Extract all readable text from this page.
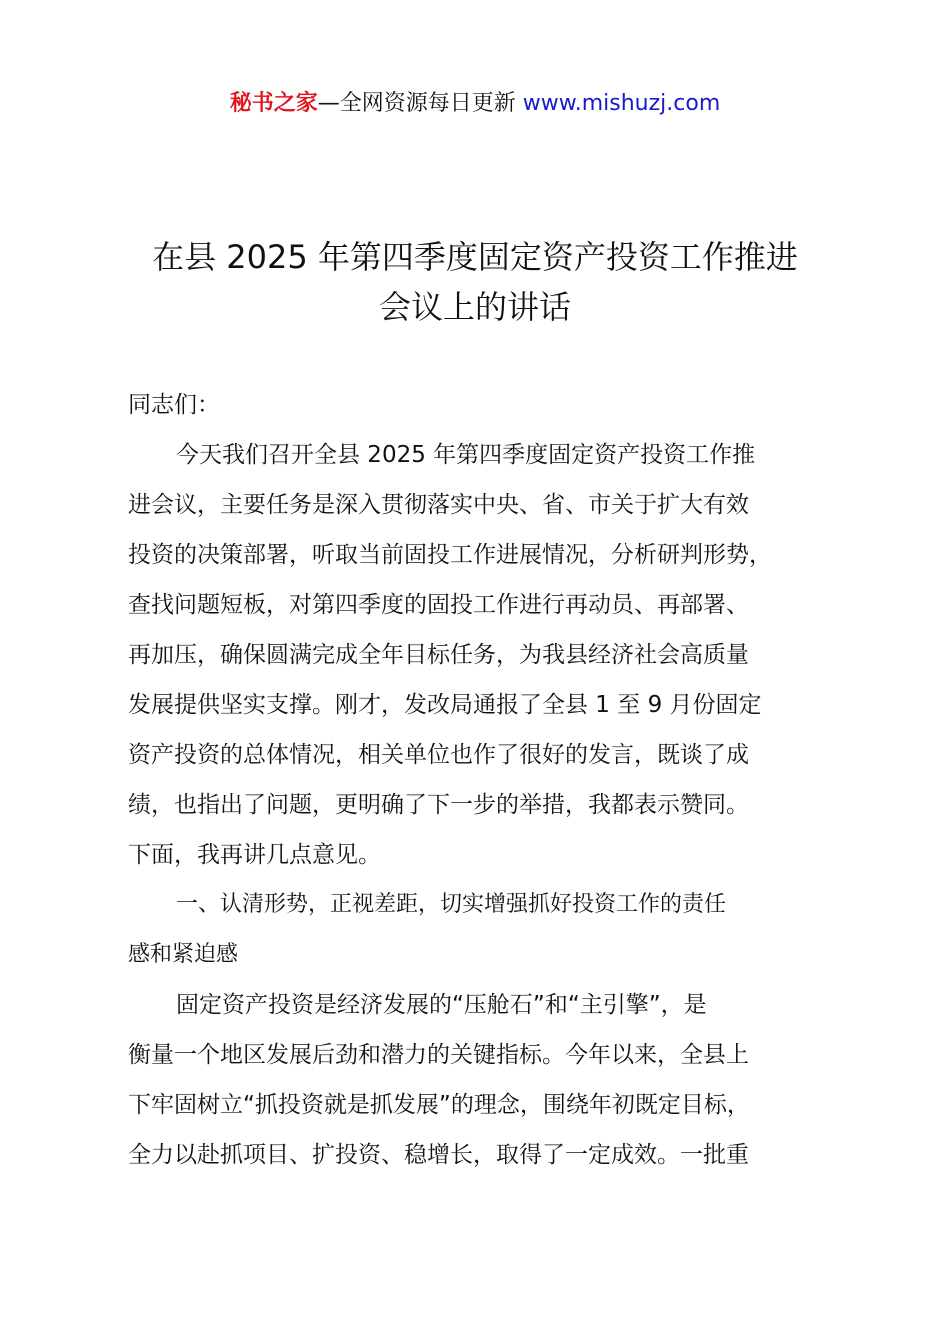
秘书之家—全网资源每日更新 www.mishuzj.com
在县 2025 年第四季度固定资产投资工作推进
会议上的讲话
同志们：
今天我们召开全县 2025 年第四季度固定资产投资工作推
进会议，主要任务是深入贯彻落实中央、省、市关于扩大有效
投资的决策部署，听取当前固投工作进展情况，分析研判形势，
查找问题短板，对第四季度的固投工作进行再动员、再部署、
再加压，确保圆满完成全年目标任务，为我县经济社会高质量
发展提供坚实支撑。刚才，发改局通报了全县 1 至 9 月份固定
资产投资的总体情况，相关单位也作了很好的发言，既谈了成
绩，也指出了问题，更明确了下一步的举措，我都表示赞同。
下面，我再讲几点意见。
一、认清形势，正视差距，切实增强抓好投资工作的责任
感和紧迫感
固定资产投资是经济发展的“压舱石”和“主引擎”，是
衡量一个地区发展后劲和潜力的关键指标。今年以来，全县上
下牢固树立“抓投资就是抓发展”的理念，围绕年初既定目标，
全力以赴抓项目、扩投资、稳增长，取得了一定成效。一批重
